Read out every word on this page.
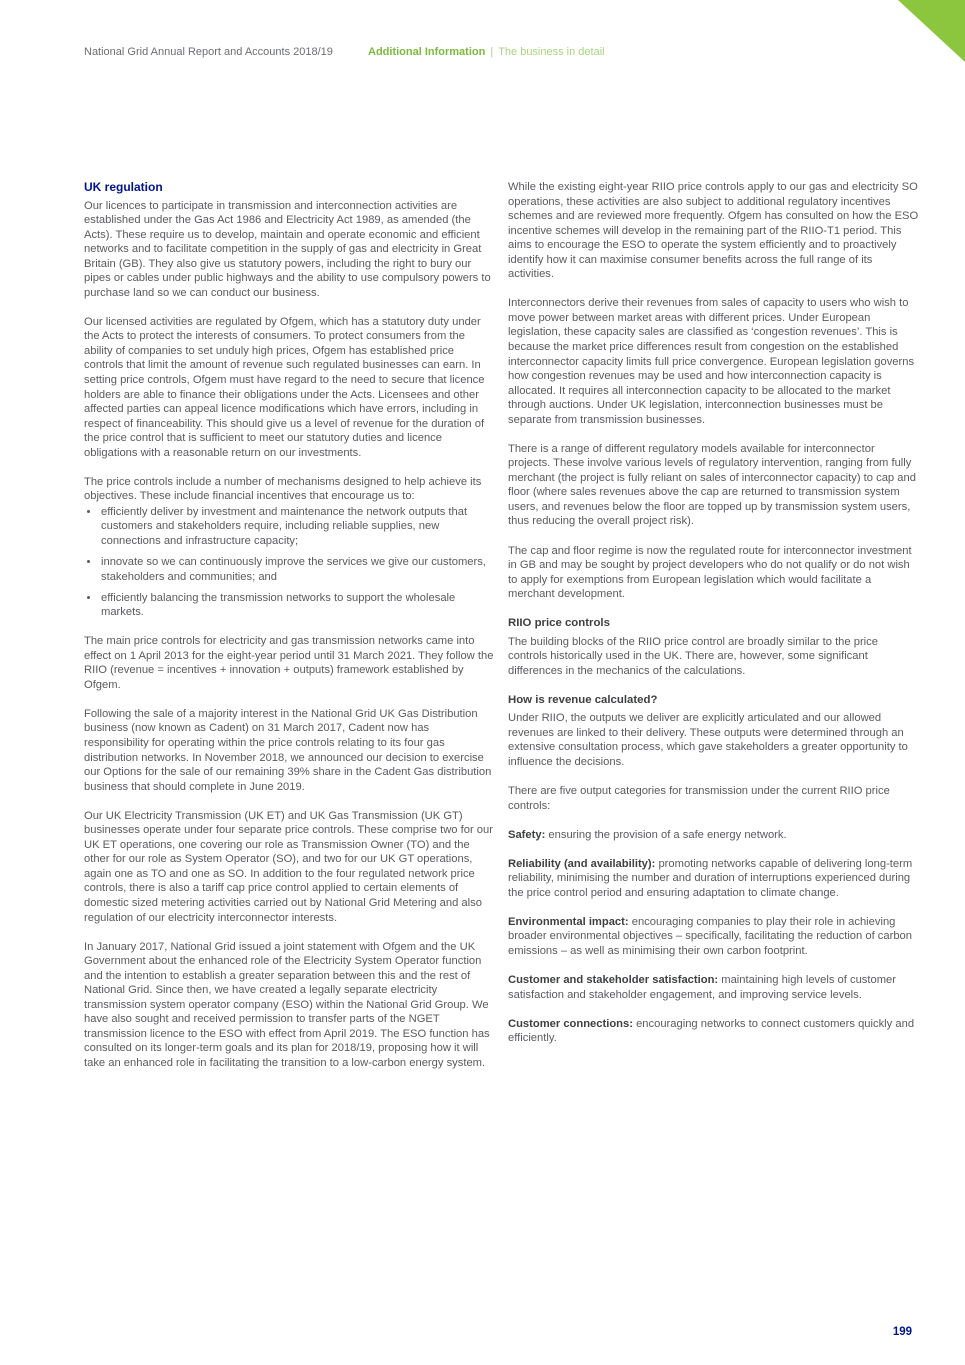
National Grid Annual Report and Accounts 2018/19	Additional Information | The business in detail
UK regulation

Our licences to participate in transmission and interconnection activities are established under the Gas Act 1986 and Electricity Act 1989, as amended (the Acts). These require us to develop, maintain and operate economic and efficient networks and to facilitate competition in the supply of gas and electricity in Great Britain (GB). They also give us statutory powers, including the right to bury our pipes or cables under public highways and the ability to use compulsory powers to purchase land so we can conduct our business.

Our licensed activities are regulated by Ofgem, which has a statutory duty under the Acts to protect the interests of consumers. To protect consumers from the ability of companies to set unduly high prices, Ofgem has established price controls that limit the amount of revenue such regulated businesses can earn. In setting price controls, Ofgem must have regard to the need to secure that licence holders are able to finance their obligations under the Acts. Licensees and other affected parties can appeal licence modifications which have errors, including in respect of financeability. This should give us a level of revenue for the duration of the price control that is sufficient to meet our statutory duties and licence obligations with a reasonable return on our investments.

The price controls include a number of mechanisms designed to help achieve its objectives. These include financial incentives that encourage us to:

• efficiently deliver by investment and maintenance the network outputs that customers and stakeholders require, including reliable supplies, new connections and infrastructure capacity;
• innovate so we can continuously improve the services we give our customers, stakeholders and communities; and
• efficiently balancing the transmission networks to support the wholesale markets.

The main price controls for electricity and gas transmission networks came into effect on 1 April 2013 for the eight-year period until 31 March 2021. They follow the RIIO (revenue = incentives + innovation + outputs) framework established by Ofgem.

Following the sale of a majority interest in the National Grid UK Gas Distribution business (now known as Cadent) on 31 March 2017, Cadent now has responsibility for operating within the price controls relating to its four gas distribution networks. In November 2018, we announced our decision to exercise our Options for the sale of our remaining 39% share in the Cadent Gas distribution business that should complete in June 2019.

Our UK Electricity Transmission (UK ET) and UK Gas Transmission (UK GT) businesses operate under four separate price controls. These comprise two for our UK ET operations, one covering our role as Transmission Owner (TO) and the other for our role as System Operator (SO), and two for our UK GT operations, again one as TO and one as SO. In addition to the four regulated network price controls, there is also a tariff cap price control applied to certain elements of domestic sized metering activities carried out by National Grid Metering and also regulation of our electricity interconnector interests.

In January 2017, National Grid issued a joint statement with Ofgem and the UK Government about the enhanced role of the Electricity System Operator function and the intention to establish a greater separation between this and the rest of National Grid. Since then, we have created a legally separate electricity transmission system operator company (ESO) within the National Grid Group. We have also sought and received permission to transfer parts of the NGET transmission licence to the ESO with effect from April 2019. The ESO function has consulted on its longer-term goals and its plan for 2018/19, proposing how it will take an enhanced role in facilitating the transition to a low-carbon energy system.

While the existing eight-year RIIO price controls apply to our gas and electricity SO operations, these activities are also subject to additional regulatory incentives schemes and are reviewed more frequently. Ofgem has consulted on how the ESO incentive schemes will develop in the remaining part of the RIIO-T1 period. This aims to encourage the ESO to operate the system efficiently and to proactively identify how it can maximise consumer benefits across the full range of its activities.

Interconnectors derive their revenues from sales of capacity to users who wish to move power between market areas with different prices. Under European legislation, these capacity sales are classified as ‘congestion revenues’. This is because the market price differences result from congestion on the established interconnector capacity limits full price convergence. European legislation governs how congestion revenues may be used and how interconnection capacity is allocated. It requires all interconnection capacity to be allocated to the market through auctions. Under UK legislation, interconnection businesses must be separate from transmission businesses.

There is a range of different regulatory models available for interconnector projects. These involve various levels of regulatory intervention, ranging from fully merchant (the project is fully reliant on sales of interconnector capacity) to cap and floor (where sales revenues above the cap are returned to transmission system users, and revenues below the floor are topped up by transmission system users, thus reducing the overall project risk).

The cap and floor regime is now the regulated route for interconnector investment in GB and may be sought by project developers who do not qualify or do not wish to apply for exemptions from European legislation which would facilitate a merchant development.

RIIO price controls

The building blocks of the RIIO price control are broadly similar to the price controls historically used in the UK. There are, however, some significant differences in the mechanics of the calculations.

How is revenue calculated?

Under RIIO, the outputs we deliver are explicitly articulated and our allowed revenues are linked to their delivery. These outputs were determined through an extensive consultation process, which gave stakeholders a greater opportunity to influence the decisions.

There are five output categories for transmission under the current RIIO price controls:

Safety: ensuring the provision of a safe energy network.

Reliability (and availability): promoting networks capable of delivering long-term reliability, minimising the number and duration of interruptions experienced during the price control period and ensuring adaptation to climate change.

Environmental impact: encouraging companies to play their role in achieving broader environmental objectives – specifically, facilitating the reduction of carbon emissions – as well as minimising their own carbon footprint.

Customer and stakeholder satisfaction: maintaining high levels of customer satisfaction and stakeholder engagement, and improving service levels.

Customer connections: encouraging networks to connect customers quickly and efficiently.

199
